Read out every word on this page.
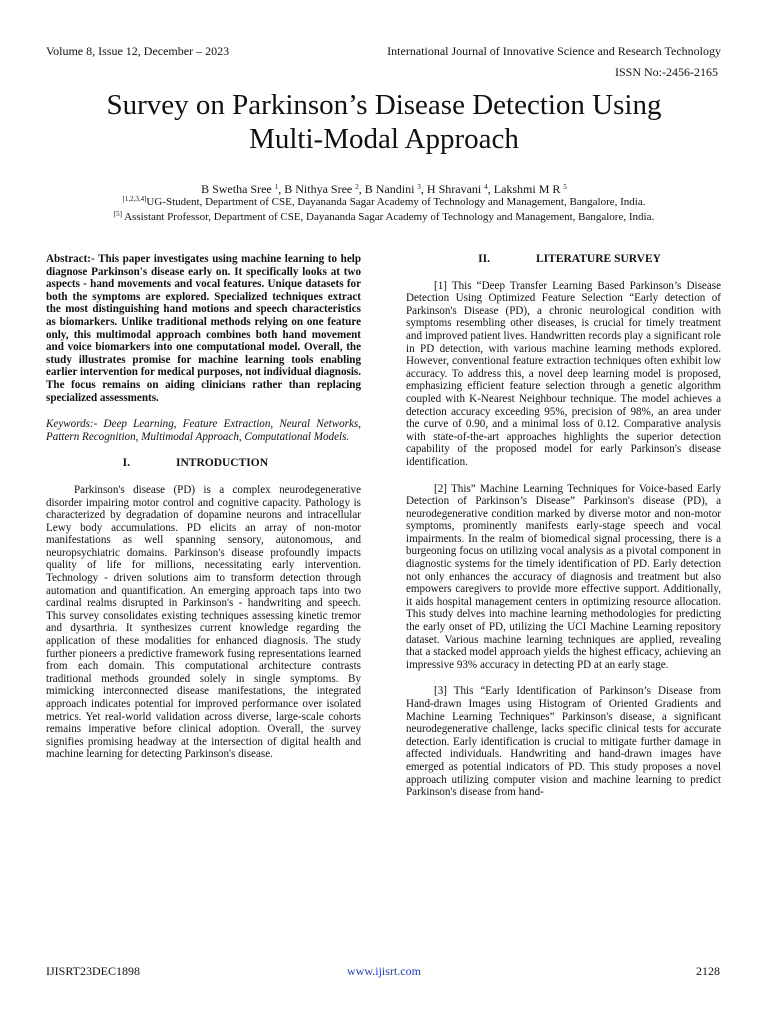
Volume 8, Issue 12, December – 2023	International Journal of Innovative Science and Research Technology
ISSN No:-2456-2165
Survey on Parkinson’s Disease Detection Using
Multi-Modal Approach
B Swetha Sree $^1$, B Nithya Sree $^2$, B Nandini $^3$, H Shravani $^4$, Lakshmi M R $^5$
[1,2,3,4]UG-Student, Department of CSE, Dayananda Sagar Academy of Technology and Management, Bangalore, India.
[5] Assistant Professor, Department of CSE, Dayananda Sagar Academy of Technology and Management, Bangalore, India.

Abstract:- This paper investigates using machine learning to help diagnose Parkinson's disease early on. It specifically looks at two aspects - hand movements and vocal features. Unique datasets for both the symptoms are explored. Specialized techniques extract the most distinguishing hand motions and speech characteristics as biomarkers. Unlike traditional methods relying on one feature only, this multimodal approach combines both hand movement and voice biomarkers into one computational model. Overall, the study illustrates promise for machine learning tools enabling earlier intervention for medical purposes, not individual diagnosis. The focus remains on aiding clinicians rather than replacing specialized assessments.

Keywords:- Deep Learning, Feature Extraction, Neural Networks, Pattern Recognition, Multimodal Approach, Computational Models.

I.	INTRODUCTION

Parkinson's disease (PD) is a complex neurodegenerative disorder impairing motor control and cognitive capacity. Pathology is characterized by degradation of dopamine neurons and intracellular Lewy body accumulations. PD elicits an array of non-motor manifestations as well spanning sensory, autonomous, and neuropsychiatric domains. Parkinson's disease profoundly impacts quality of life for millions, necessitating early intervention. Technology - driven solutions aim to transform detection through automation and quantification. An emerging approach taps into two cardinal realms disrupted in Parkinson's - handwriting and speech. This survey consolidates existing techniques assessing kinetic tremor and dysarthria. It synthesizes current knowledge regarding the application of these modalities for enhanced diagnosis. The study further pioneers a predictive framework fusing representations learned from each domain. This computational architecture contrasts traditional methods grounded solely in single symptoms. By mimicking interconnected disease manifestations, the integrated approach indicates potential for improved performance over isolated metrics. Yet real-world validation across diverse, large-scale cohorts remains imperative before clinical adoption. Overall, the survey signifies promising headway at the intersection of digital health and machine learning for detecting Parkinson's disease.

II.	LITERATURE SURVEY

[1] This “Deep Transfer Learning Based Parkinson’s Disease Detection Using Optimized Feature Selection “Early detection of Parkinson's Disease (PD), a chronic neurological condition with symptoms resembling other diseases, is crucial for timely treatment and improved patient lives. Handwritten records play a significant role in PD detection, with various machine learning methods explored. However, conventional feature extraction techniques often exhibit low accuracy. To address this, a novel deep learning model is proposed, emphasizing efficient feature selection through a genetic algorithm coupled with K-Nearest Neighbour technique. The model achieves a detection accuracy exceeding 95%, precision of 98%, an area under the curve of 0.90, and a minimal loss of 0.12. Comparative analysis with state-of-the-art approaches highlights the superior detection capability of the proposed model for early Parkinson's disease identification.

[2] This” Machine Learning Techniques for Voice-based Early Detection of Parkinson’s Disease” Parkinson's disease (PD), a neurodegenerative condition marked by diverse motor and non-motor symptoms, prominently manifests early-stage speech and vocal impairments. In the realm of biomedical signal processing, there is a burgeoning focus on utilizing vocal analysis as a pivotal component in diagnostic systems for the timely identification of PD. Early detection not only enhances the accuracy of diagnosis and treatment but also empowers caregivers to provide more effective support. Additionally, it aids hospital management centers in optimizing resource allocation. This study delves into machine learning methodologies for predicting the early onset of PD, utilizing the UCI Machine Learning repository dataset. Various machine learning techniques are applied, revealing that a stacked model approach yields the highest efficacy, achieving an impressive 93% accuracy in detecting PD at an early stage.

[3] This “Early Identification of Parkinson’s Disease from Hand-drawn Images using Histogram of Oriented Gradients and Machine Learning Techniques” Parkinson's disease, a significant neurodegenerative challenge, lacks specific clinical tests for accurate detection. Early identification is crucial to mitigate further damage in affected individuals. Handwriting and hand-drawn images have emerged as potential indicators of PD. This study proposes a novel approach utilizing computer vision and machine learning to predict Parkinson's disease from hand-

IJISRT23DEC1898	www.ijisrt.com	2128
